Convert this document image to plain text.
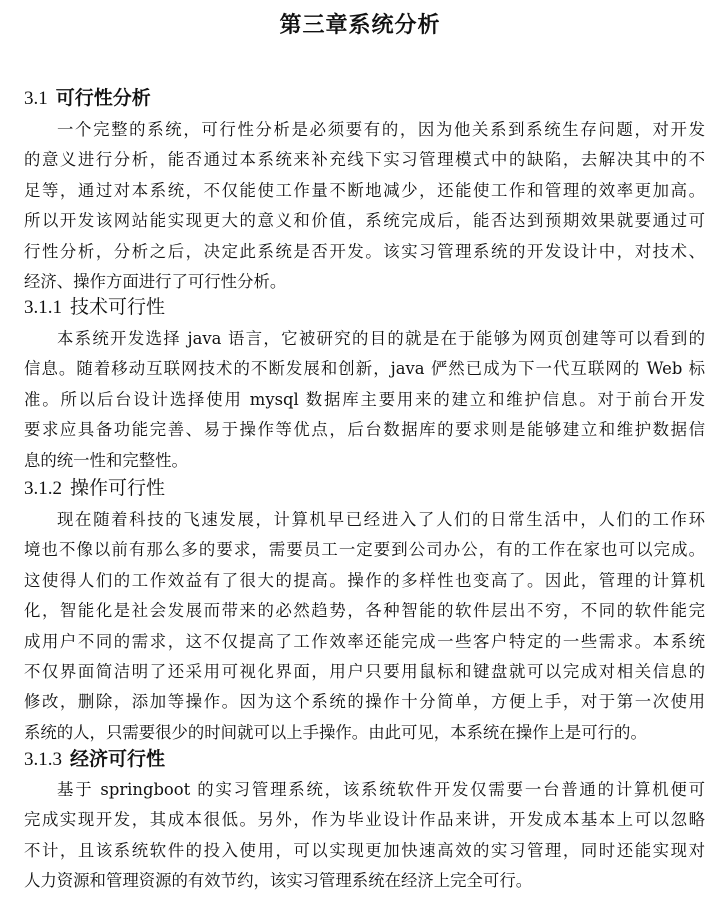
第三章系统分析
3.1 可行性分析
一个完整的系统，可行性分析是必须要有的，因为他关系到系统生存问题，对开发
的意义进行分析，能否通过本系统来补充线下实习管理模式中的缺陷，去解决其中的不
足等，通过对本系统，不仅能使工作量不断地减少，还能使工作和管理的效率更加高。
所以开发该网站能实现更大的意义和价值，系统完成后，能否达到预期效果就要通过可
行性分析，分析之后，决定此系统是否开发。该实习管理系统的开发设计中，对技术、
经济、操作方面进行了可行性分析。
3.1.1 技术可行性
本系统开发选择 java 语言，它被研究的目的就是在于能够为网页创建等可以看到的
信息。随着移动互联网技术的不断发展和创新，java 俨然已成为下一代互联网的 Web 标
准。所以后台设计选择使用 mysql 数据库主要用来的建立和维护信息。对于前台开发
要求应具备功能完善、易于操作等优点，后台数据库的要求则是能够建立和维护数据信
息的统一性和完整性。
3.1.2 操作可行性
现在随着科技的飞速发展，计算机早已经进入了人们的日常生活中，人们的工作环
境也不像以前有那么多的要求，需要员工一定要到公司办公，有的工作在家也可以完成。
这使得人们的工作效益有了很大的提高。操作的多样性也变高了。因此，管理的计算机
化，智能化是社会发展而带来的必然趋势，各种智能的软件层出不穷，不同的软件能完
成用户不同的需求，这不仅提高了工作效率还能完成一些客户特定的一些需求。本系统
不仅界面简洁明了还采用可视化界面，用户只要用鼠标和键盘就可以完成对相关信息的
修改，删除，添加等操作。因为这个系统的操作十分简单，方便上手，对于第一次使用
系统的人，只需要很少的时间就可以上手操作。由此可见，本系统在操作上是可行的。
3.1.3 经济可行性
基于 springboot 的实习管理系统，该系统软件开发仅需要一台普通的计算机便可
完成实现开发，其成本很低。另外，作为毕业设计作品来讲，开发成本基本上可以忽略
不计，且该系统软件的投入使用，可以实现更加快速高效的实习管理，同时还能实现对
人力资源和管理资源的有效节约，该实习管理系统在经济上完全可行。
